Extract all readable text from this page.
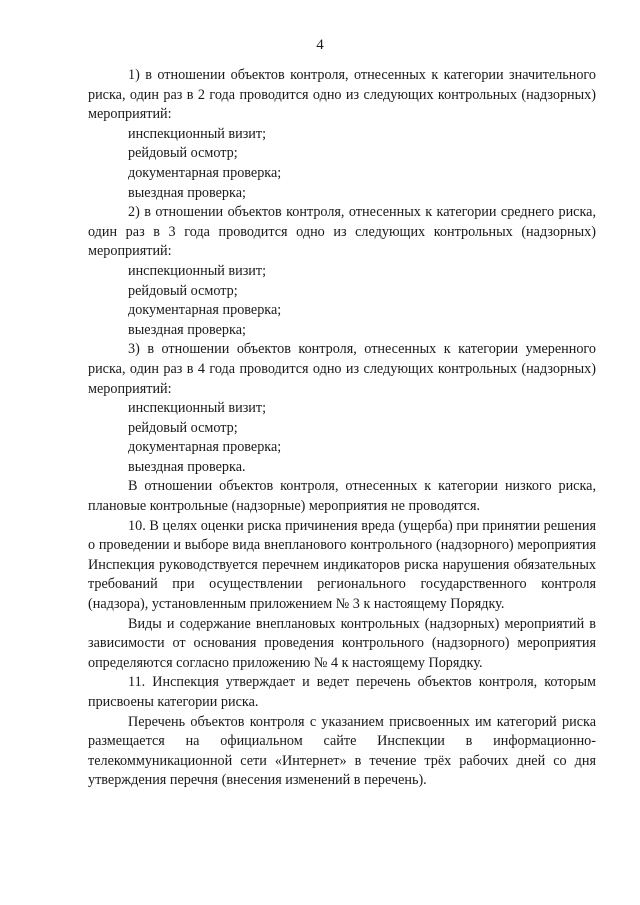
4

1) в отношении объектов контроля, отнесенных к категории значительного риска, один раз в 2 года проводится одно из следующих контрольных (надзорных) мероприятий:

инспекционный визит;

рейдовый осмотр;

документарная проверка;

выездная проверка;

2) в отношении объектов контроля, отнесенных к категории среднего риска, один раз в 3 года проводится одно из следующих контрольных (надзорных) мероприятий:

инспекционный визит;

рейдовый осмотр;

документарная проверка;

выездная проверка;

3) в отношении объектов контроля, отнесенных к категории умеренного риска, один раз в 4 года проводится одно из следующих контрольных (надзорных) мероприятий:

инспекционный визит;

рейдовый осмотр;

документарная проверка;

выездная проверка.

В отношении объектов контроля, отнесенных к категории низкого риска, плановые контрольные (надзорные) мероприятия не проводятся.

10. В целях оценки риска причинения вреда (ущерба) при принятии решения о проведении и выборе вида внепланового контрольного (надзорного) мероприятия Инспекция руководствуется перечнем индикаторов риска нарушения обязательных требований при осуществлении регионального государственного контроля (надзора), установленным приложением № 3 к настоящему Порядку.

Виды и содержание внеплановых контрольных (надзорных) мероприятий в зависимости от основания проведения контрольного (надзорного) мероприятия определяются согласно приложению № 4 к настоящему Порядку.

11. Инспекция утверждает и ведет перечень объектов контроля, которым присвоены категории риска.

Перечень объектов контроля с указанием присвоенных им категорий риска размещается на официальном сайте Инспекции в информационно-телекоммуникационной сети «Интернет» в течение трёх рабочих дней со дня утверждения перечня (внесения изменений в перечень).
